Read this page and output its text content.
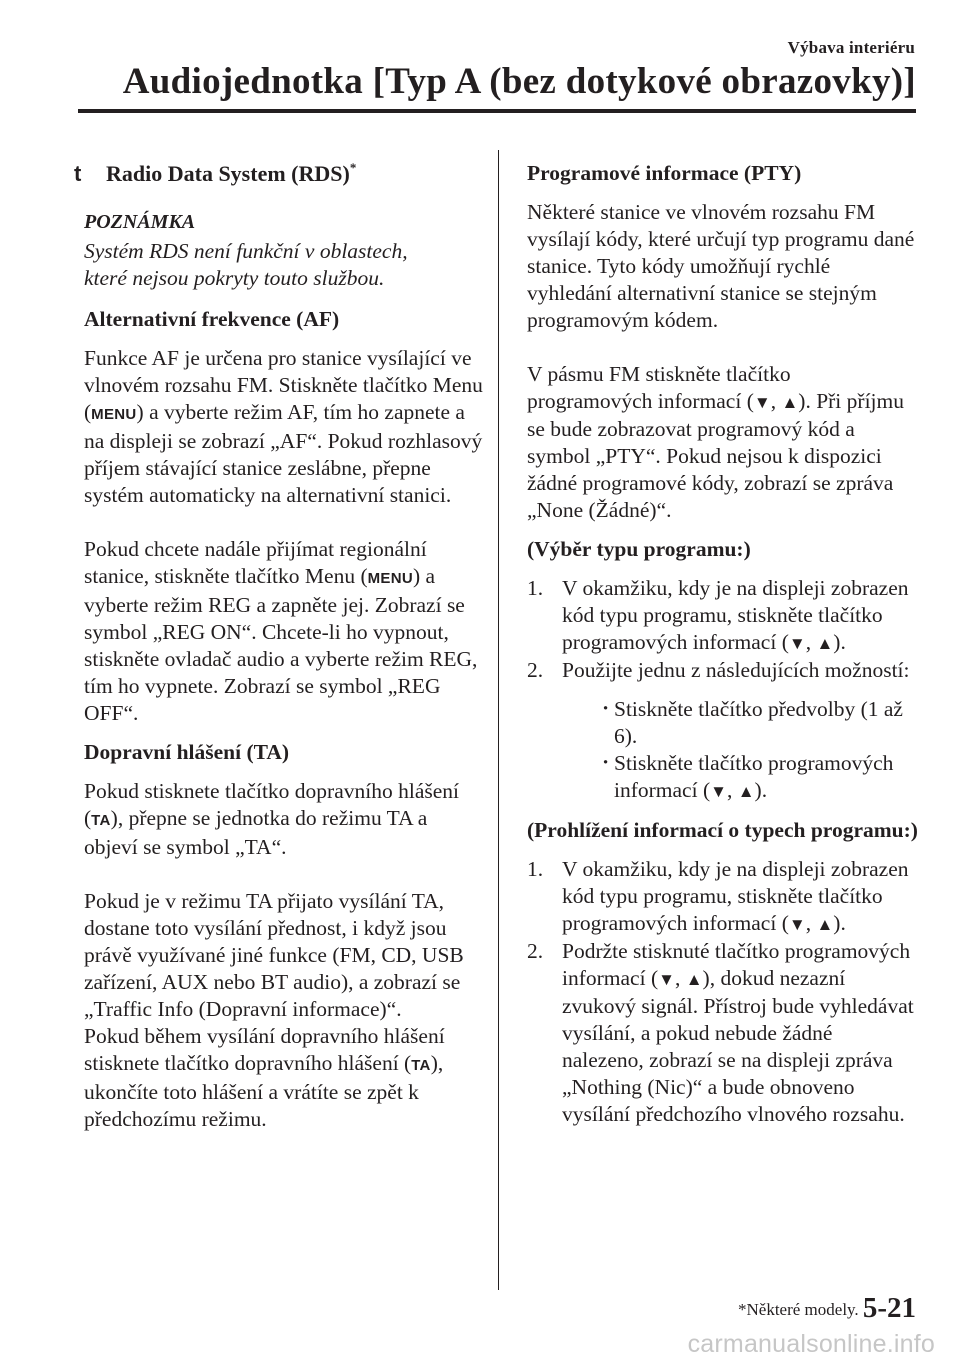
Výbava interiéru
Audiojednotka [Typ A (bez dotykové obrazovky)]
t Radio Data System (RDS)*
POZNÁMKA
Systém RDS není funkční v oblastech,
které nejsou pokryty touto službou.

Alternativní frekvence (AF)

Funkce AF je určena pro stanice vysílající ve vlnovém rozsahu FM. Stiskněte tlačítko Menu (MENU) a vyberte režim AF, tím ho zapnete a na displeji se zobrazí „AF“. Pokud rozhlasový příjem stávající stanice zeslábne, přepne systém automaticky na alternativní stanici.

Pokud chcete nadále přijímat regionální stanice, stiskněte tlačítko Menu (MENU) a vyberte režim REG a zapněte jej. Zobrazí se symbol „REG ON“. Chcete-li ho vypnout, stiskněte ovladač audio a vyberte režim REG, tím ho vypnete. Zobrazí se symbol „REG OFF“.

Dopravní hlášení (TA)

Pokud stisknete tlačítko dopravního hlášení (TA), přepne se jednotka do režimu TA a objeví se symbol „TA“.

Pokud je v režimu TA přijato vysílání TA, dostane toto vysílání přednost, i když jsou právě využívané jiné funkce (FM, CD, USB zařízení, AUX nebo BT audio), a zobrazí se „Traffic Info (Dopravní informace)“.
Pokud během vysílání dopravního hlášení stisknete tlačítko dopravního hlášení (TA), ukončíte toto hlášení a vrátíte se zpět k předchozímu režimu.

Programové informace (PTY)

Některé stanice ve vlnovém rozsahu FM vysílají kódy, které určují typ programu dané stanice. Tyto kódy umožňují rychlé vyhledání alternativní stanice se stejným programovým kódem.

V pásmu FM stiskněte tlačítko programových informací (▼, ▲). Při příjmu se bude zobrazovat programový kód a symbol „PTY“. Pokud nejsou k dispozici žádné programové kódy, zobrazí se zpráva „None (Žádné)“.

(Výběr typu programu:)

1. V okamžiku, kdy je na displeji zobrazen kód typu programu, stiskněte tlačítko programových informací (▼, ▲).
2. Použijte jednu z následujících možností:
· Stiskněte tlačítko předvolby (1 až 6).
· Stiskněte tlačítko programových informací (▼, ▲).

(Prohlížení informací o typech programu:)

1. V okamžiku, kdy je na displeji zobrazen kód typu programu, stiskněte tlačítko programových informací (▼, ▲).
2. Podržte stisknuté tlačítko programových informací (▼, ▲), dokud nezazní zvukový signál. Přístroj bude vyhledávat vysílání, a pokud nebude žádné nalezeno, zobrazí se na displeji zpráva „Nothing (Nic)“ a bude obnoveno vysílání předchozího vlnového rozsahu.
*Některé modely. 5-21
carmanualsonline.info
